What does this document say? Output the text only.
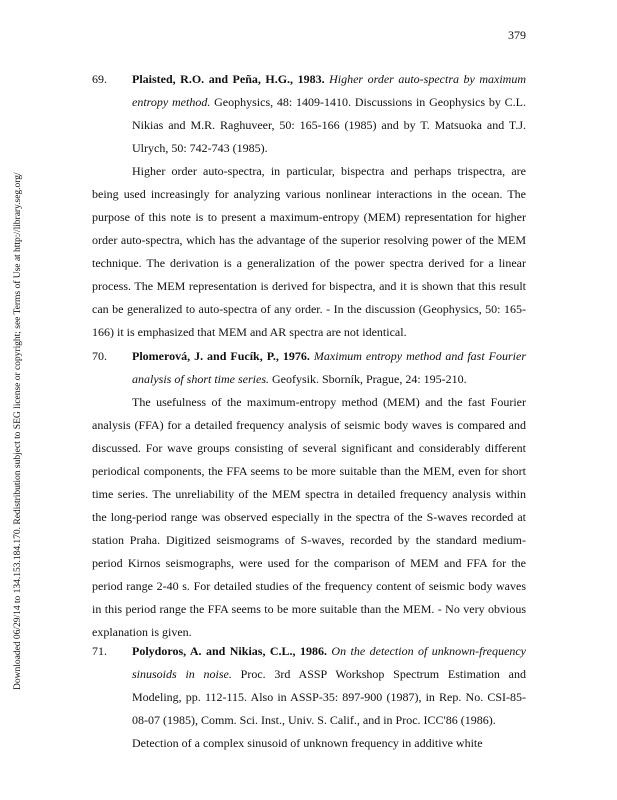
379
Downloaded 06/29/14 to 134.153.184.170. Redistribution subject to SEG license or copyright; see Terms of Use at http://library.seg.org/
69. Plaisted, R.O. and Peña, H.G., 1983. Higher order auto-spectra by maximum entropy method. Geophysics, 48: 1409-1410. Discussions in Geophysics by C.L. Nikias and M.R. Raghuveer, 50: 165-166 (1985) and by T. Matsuoka and T.J. Ulrych, 50: 742-743 (1985).

Higher order auto-spectra, in particular, bispectra and perhaps trispectra, are being used increasingly for analyzing various nonlinear interactions in the ocean. The purpose of this note is to present a maximum-entropy (MEM) representation for higher order auto-spectra, which has the advantage of the superior resolving power of the MEM technique. The derivation is a generalization of the power spectra derived for a linear process. The MEM representation is derived for bispectra, and it is shown that this result can be generalized to auto-spectra of any order. - In the discussion (Geophysics, 50: 165-166) it is emphasized that MEM and AR spectra are not identical.

70. Plomerová, J. and Fucík, P., 1976. Maximum entropy method and fast Fourier analysis of short time series. Geofysik. Sborník, Prague, 24: 195-210.

The usefulness of the maximum-entropy method (MEM) and the fast Fourier analysis (FFA) for a detailed frequency analysis of seismic body waves is compared and discussed. For wave groups consisting of several significant and considerably different periodical components, the FFA seems to be more suitable than the MEM, even for short time series. The unreliability of the MEM spectra in detailed frequency analysis within the long-period range was observed especially in the spectra of the S-waves recorded at station Praha. Digitized seismograms of S-waves, recorded by the standard medium-period Kirnos seismographs, were used for the comparison of MEM and FFA for the period range 2-40 s. For detailed studies of the frequency content of seismic body waves in this period range the FFA seems to be more suitable than the MEM. - No very obvious explanation is given.

71. Polydoros, A. and Nikias, C.L., 1986. On the detection of unknown-frequency sinusoids in noise. Proc. 3rd ASSP Workshop Spectrum Estimation and Modeling, pp. 112-115. Also in ASSP-35: 897-900 (1987), in Rep. No. CSI-85-08-07 (1985), Comm. Sci. Inst., Univ. S. Calif., and in Proc. ICC'86 (1986).

Detection of a complex sinusoid of unknown frequency in additive white
